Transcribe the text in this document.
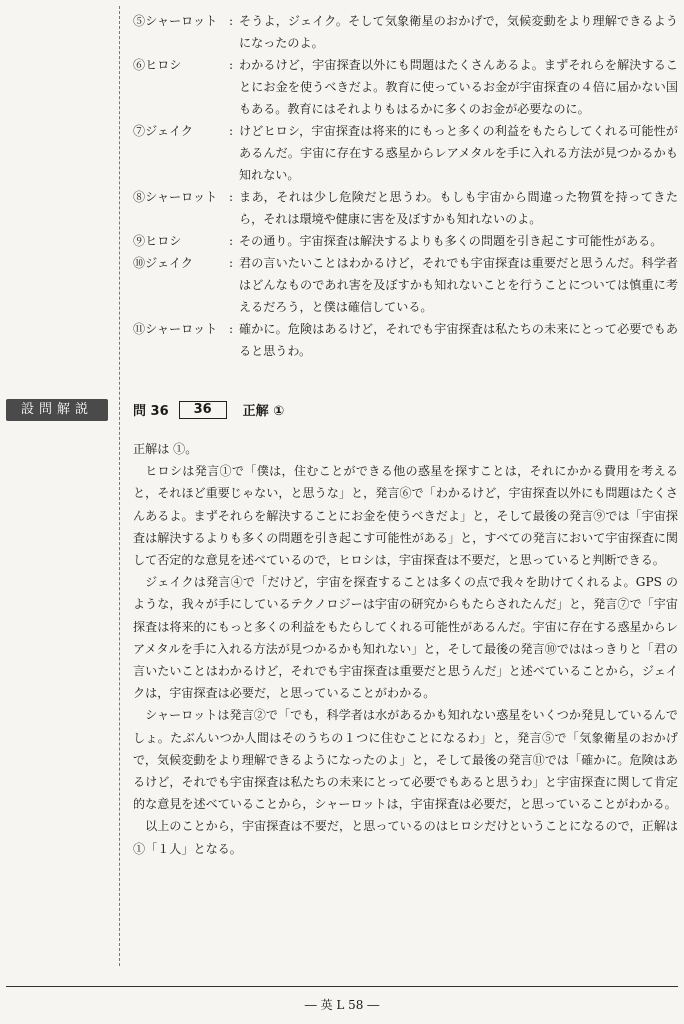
⑤シャーロット : そうよ，ジェイク。そして気象衛星のおかげで，気候変動をより理解できるようになったのよ。
⑥ヒロシ	: わかるけど，宇宙探査以外にも問題はたくさんあるよ。まずそれらを解決することにお金を使うべきだよ。教育に使っているお金が宇宙探査の４倍に届かない国もある。教育にはそれよりもはるかに多くのお金が必要なのに。
⑦ジェイク	: けどヒロシ，宇宙探査は将来的にもっと多くの利益をもたらしてくれる可能性があるんだ。宇宙に存在する惑星からレアメタルを手に入れる方法が見つかるかも知れない。
⑧シャーロット : まあ，それは少し危険だと思うわ。もしも宇宙から間違った物質を持ってきたら，それは環境や健康に害を及ぼすかも知れないのよ。
⑨ヒロシ	: その通り。宇宙探査は解決するよりも多くの問題を引き起こす可能性がある。
⑩ジェイク	: 君の言いたいことはわかるけど，それでも宇宙探査は重要だと思うんだ。科学者はどんなものであれ害を及ぼすかも知れないことを行うことについては慎重に考えるだろう，と僕は確信している。
⑪シャーロット : 確かに。危険はあるけど，それでも宇宙探査は私たちの未来にとって必要でもあると思うわ。
設問解説	問 36	36	正解 ①

正解は ①。

ヒロシは発言①で「僕は，住むことができる他の惑星を探すことは，それにかかる費用を考えると，それほど重要じゃない，と思うな」と，発言⑥で「わかるけど，宇宙探査以外にも問題はたくさんあるよ。まずそれらを解決することにお金を使うべきだよ」と，そして最後の発言⑨では「宇宙探査は解決するよりも多くの問題を引き起こす可能性がある」と，すべての発言において宇宙探査に関して否定的な意見を述べているので，ヒロシは，宇宙探査は不要だ，と思っていると判断できる。

ジェイクは発言④で「だけど，宇宙を探査することは多くの点で我々を助けてくれるよ。GPS のような，我々が手にしているテクノロジーは宇宙の研究からもたらされたんだ」と，発言⑦で「宇宙探査は将来的にもっと多くの利益をもたらしてくれる可能性があるんだ。宇宙に存在する惑星からレアメタルを手に入れる方法が見つかるかも知れない」と，そして最後の発言⑩でははっきりと「君の言いたいことはわかるけど，それでも宇宙探査は重要だと思うんだ」と述べていることから，ジェイクは，宇宙探査は必要だ，と思っていることがわかる。

シャーロットは発言②で「でも，科学者は水があるかも知れない惑星をいくつか発見しているんでしょ。たぶんいつか人間はそのうちの１つに住むことになるわ」と，発言⑤で「気象衛星のおかげで，気候変動をより理解できるようになったのよ」と，そして最後の発言⑪では「確かに。危険はあるけど，それでも宇宙探査は私たちの未来にとって必要でもあると思うわ」と宇宙探査に関して肯定的な意見を述べていることから，シャーロットは，宇宙探査は必要だ，と思っていることがわかる。

以上のことから，宇宙探査は不要だ，と思っているのはヒロシだけということになるので，正解は ①「１人」となる。

― 英 L 58 ―
